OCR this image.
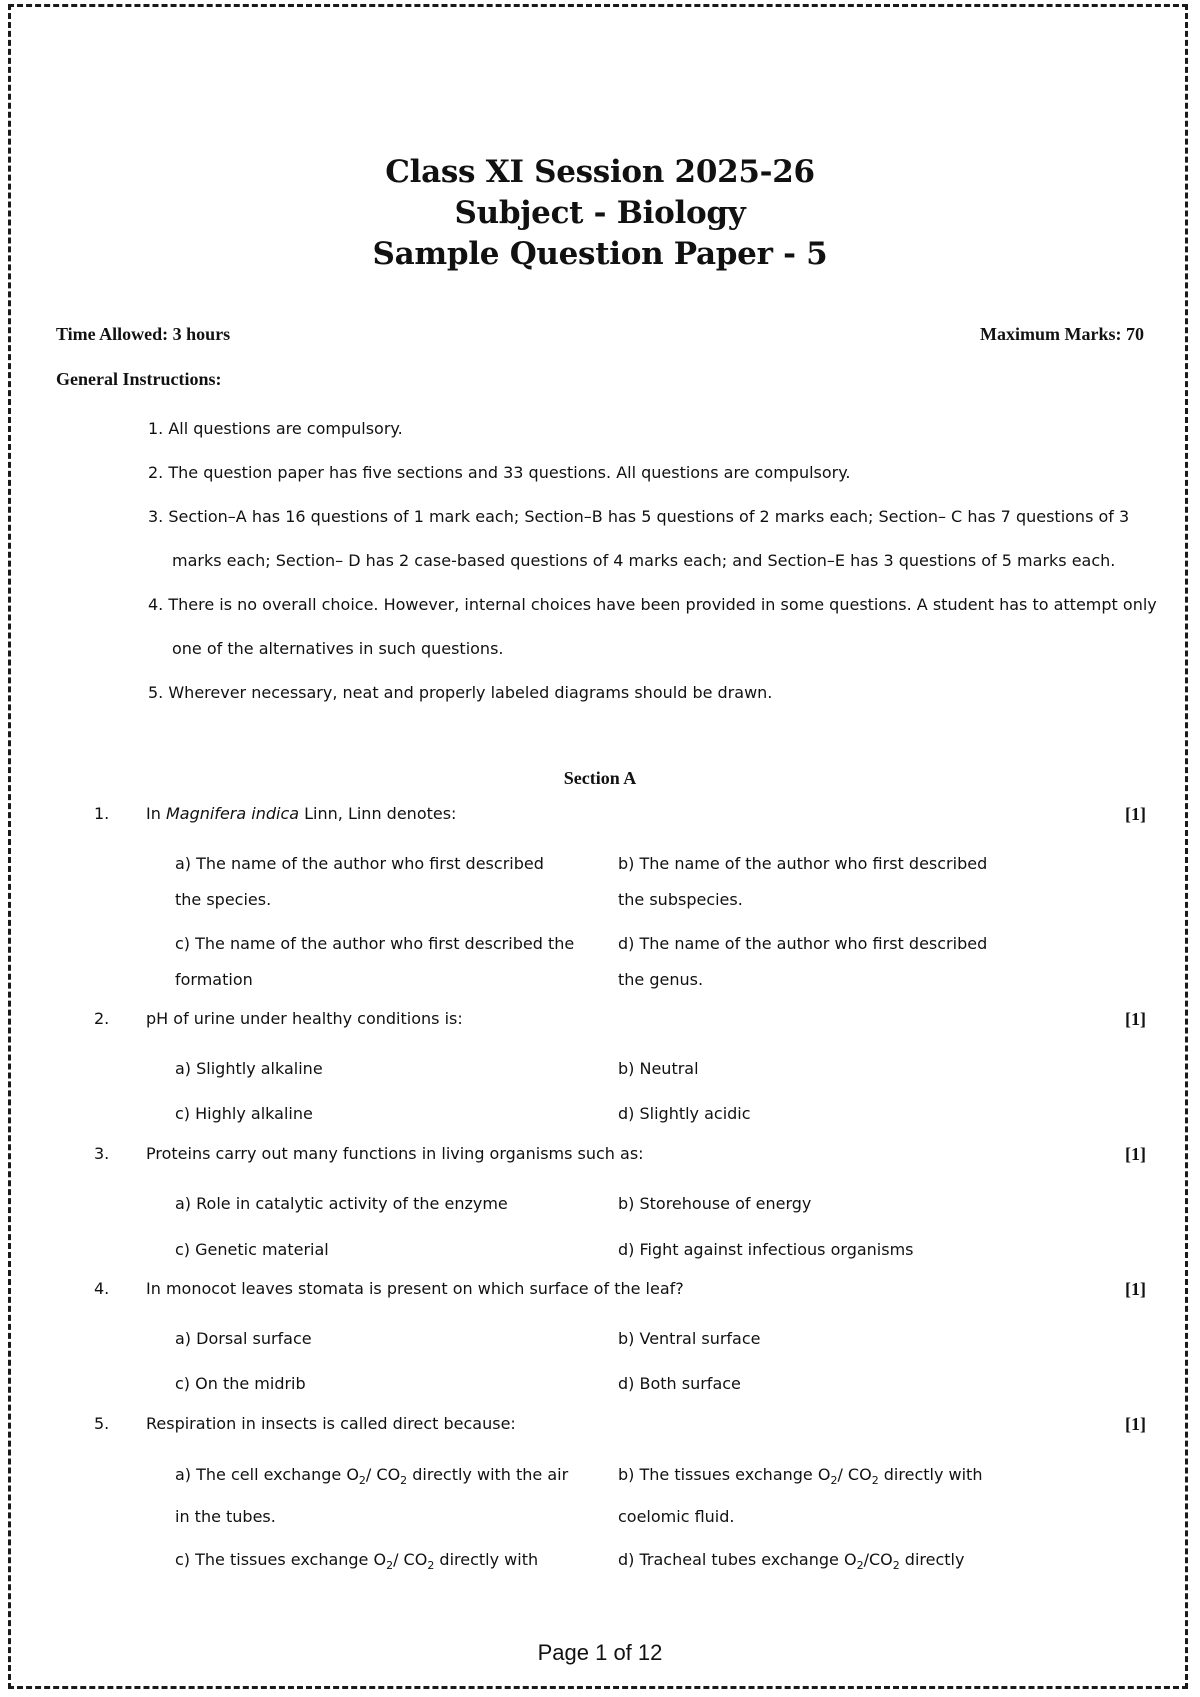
Class XI Session 2025-26
Subject - Biology
Sample Question Paper - 5
Time Allowed: 3 hours	Maximum Marks: 70
General Instructions:
1. All questions are compulsory.
2. The question paper has five sections and 33 questions. All questions are compulsory.
3. Section–A has 16 questions of 1 mark each; Section–B has 5 questions of 2 marks each; Section– C has 7 questions of 3 marks each; Section– D has 2 case-based questions of 4 marks each; and Section–E has 3 questions of 5 marks each.
4. There is no overall choice. However, internal choices have been provided in some questions. A student has to attempt only one of the alternatives in such questions.
5. Wherever necessary, neat and properly labeled diagrams should be drawn.
Section A
1. In Magnifera indica Linn, Linn denotes:	[1]
a) The name of the author who first described the species.
b) The name of the author who first described the subspecies.
c) The name of the author who first described the formation
d) The name of the author who first described the genus.
2. pH of urine under healthy conditions is:	[1]
a) Slightly alkaline	b) Neutral
c) Highly alkaline	d) Slightly acidic
3. Proteins carry out many functions in living organisms such as:	[1]
a) Role in catalytic activity of the enzyme	b) Storehouse of energy
c) Genetic material	d) Fight against infectious organisms
4. In monocot leaves stomata is present on which surface of the leaf?	[1]
a) Dorsal surface	b) Ventral surface
c) On the midrib	d) Both surface
5. Respiration in insects is called direct because:	[1]
a) The cell exchange $O_2/$ $CO_2$ directly with the air in the tubes.
b) The tissues exchange $O_2/$ $CO_2$ directly with coelomic fluid.
c) The tissues exchange $O_2/$ $CO_2$ directly with	d) Tracheal tubes exchange $O_2/CO_2$ directly
Page 1 of 12
